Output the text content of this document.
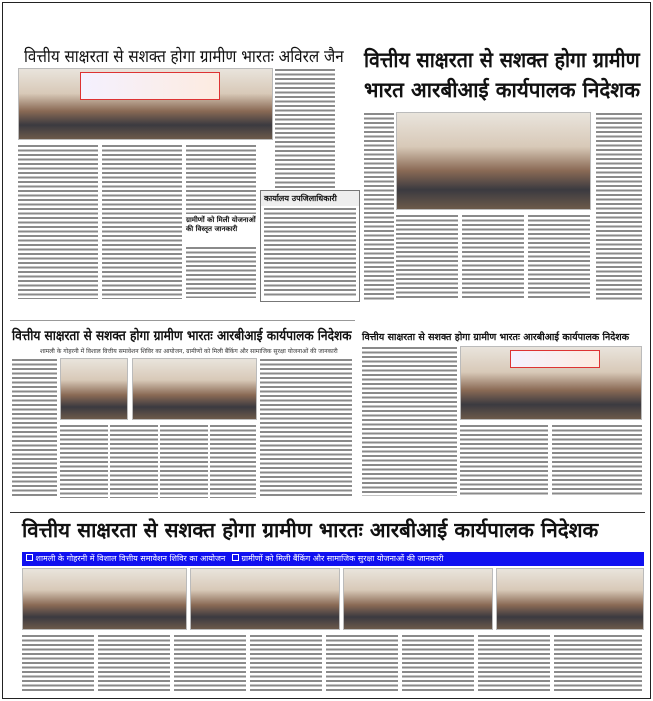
वित्तीय साक्षरता से सशक्त होगा ग्रामीण भारतः अविरल जैन
ग्रामीणों को मिली योजनाओं की विस्तृत जानकारी
कार्यालय उपजिलाधिकारी
वित्तीय साक्षरता से सशक्त होगा ग्रामीण
भारत आरबीआई कार्यपालक निदेशक
वित्तीय साक्षरता से सशक्त होगा ग्रामीण भारतः आरबीआई कार्यपालक निदेशक
शामली के गोहरनी में विशाल वित्तीय समावेशन शिविर का आयोजन, ग्रामीणों को मिली बैंकिंग और सामाजिक सुरक्षा योजनाओं की जानकारी
वित्तीय साक्षरता से सशक्त होगा ग्रामीण भारतः आरबीआई कार्यपालक निदेशक
वित्तीय साक्षरता से सशक्त होगा ग्रामीण भारतः आरबीआई कार्यपालक निदेशक
शामली के गोहरनी में विशाल वित्तीय समावेशन शिविर का आयोजन ग्रामीणों को मिली बैंकिंग और सामाजिक सुरक्षा योजनाओं की जानकारी
